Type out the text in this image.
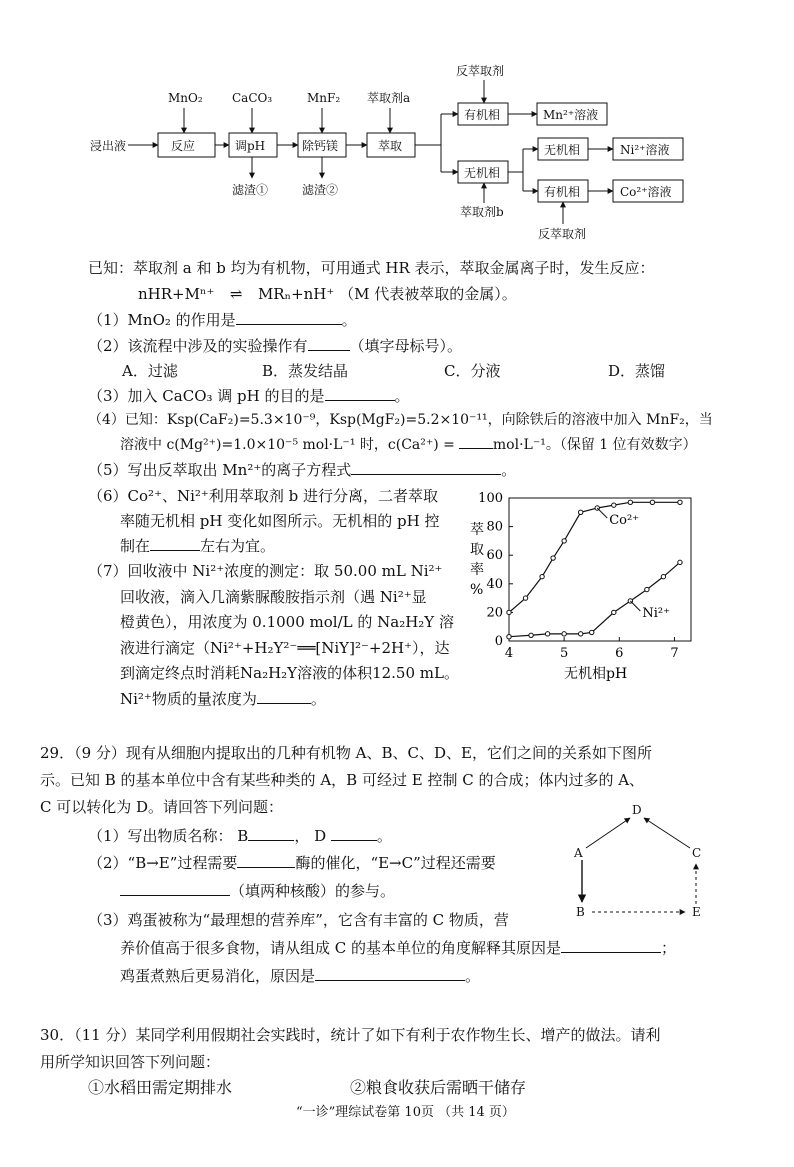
浸出液
MnO₂ CaCO₃	MnF₂ 萃取剂a
反应	调pH	除钙镁	萃取
滤渣①	滤渣②
反萃取剂
有机相
无机相
Mn²⁺溶液
萃取剂b
无机相
有机相
Ni²⁺溶液
Co²⁺溶液
反萃取剂
已知：萃取剂 a 和 b 均为有机物，可用通式 HR 表示，萃取金属离子时，发生反应：
nHR+Mⁿ⁺ ⇌ MRₙ+nH⁺ （M 代表被萃取的金属）。
（1）MnO₂ 的作用是	。
（2）该流程中涉及的实验操作有	（填字母标号）。
A．过滤	B．蒸发结晶	C．分液	D．蒸馏
（3）加入 CaCO₃ 调 pH 的目的是	。
（4）已知：Ksp(CaF₂)=5.3×10⁻⁹，Ksp(MgF₂)=5.2×10⁻¹¹，向除铁后的溶液中加入 MnF₂，当
溶液中 c(Mg²⁺)=1.0×10⁻⁵ mol·L⁻¹ 时，c(Ca²⁺) =	mol·L⁻¹。（保留 1 位有效数字）
（5）写出反萃取出 Mn²⁺的离子方程式	。
（6）Co²⁺、Ni²⁺利用萃取剂 b 进行分离，二者萃取
率随无机相 pH 变化如图所示。无机相的 pH 控
制在	左右为宜。
（7）回收液中 Ni²⁺浓度的测定：取 50.00 mL Ni²⁺
回收液，滴入几滴紫脲酸胺指示剂（遇 Ni²⁺显
橙黄色），用浓度为 0.1000 mol/L 的 Na₂H₂Y 溶
液进行滴定（Ni²⁺+H₂Y²⁻══[NiY]²⁻+2H⁺），达
到滴定终点时消耗Na₂H₂Y溶液的体积12.50 mL。
Ni²⁺物质的量浓度为	。
0
20
40
60
80
100
4	5	6	7
Co²⁺
Ni²⁺
萃取率%
无机相pH
29．（9 分）现有从细胞内提取出的几种有机物 A、B、C、D、E，它们之间的关系如下图所
示。已知 B 的基本单位中含有某些种类的 A，B 可经过 E 控制 C 的合成；体内过多的 A、
C 可以转化为 D。请回答下列问题：
（1）写出物质名称： B	， D	。
（2）“B→E”过程需要	酶的催化，“E→C”过程还需要
（填两种核酸）的参与。
（3）鸡蛋被称为“最理想的营养库”，它含有丰富的 C 物质，营
养价值高于很多食物，请从组成 C 的基本单位的角度解释其原因是	；
鸡蛋煮熟后更易消化，原因是	。
D
A	C
B	E
30．（11 分）某同学利用假期社会实践时，统计了如下有利于农作物生长、增产的做法。请利
用所学知识回答下列问题：
①水稻田需定期排水	②粮食收获后需晒干储存
“一诊”理综试卷第 10页 （共 14 页）
